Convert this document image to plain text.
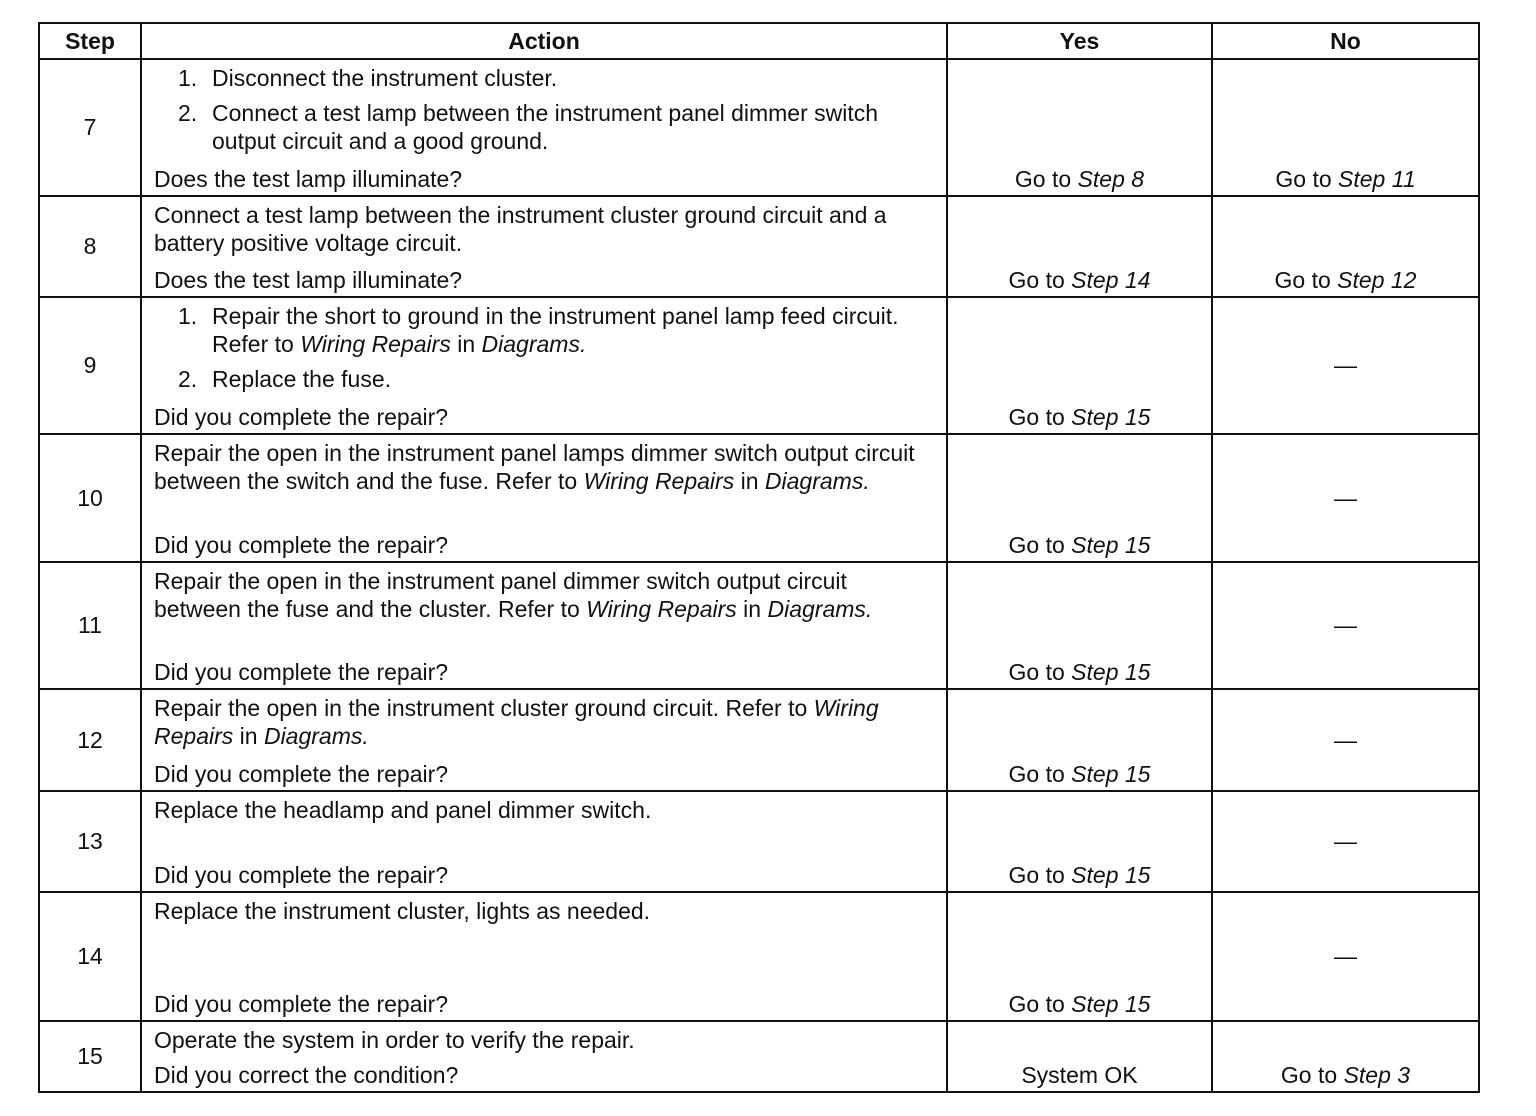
Step	Action	Yes	No
7	1. Disconnect the instrument cluster.
2. Connect a test lamp between the instrument panel dimmer switch output circuit and a good ground.
Does the test lamp illuminate?	Go to Step 8	Go to Step 11
8	Connect a test lamp between the instrument cluster ground circuit and a battery positive voltage circuit.
Does the test lamp illuminate?	Go to Step 14	Go to Step 12
9	1. Repair the short to ground in the instrument panel lamp feed circuit. Refer to Wiring Repairs in Diagrams.
2. Replace the fuse.
Did you complete the repair?	Go to Step 15	—
10	Repair the open in the instrument panel lamps dimmer switch output circuit between the switch and the fuse. Refer to Wiring Repairs in Diagrams.
Did you complete the repair?	Go to Step 15	—
11	Repair the open in the instrument panel dimmer switch output circuit between the fuse and the cluster. Refer to Wiring Repairs in Diagrams.
Did you complete the repair?	Go to Step 15	—
12	Repair the open in the instrument cluster ground circuit. Refer to Wiring Repairs in Diagrams.
Did you complete the repair?	Go to Step 15	—
13	Replace the headlamp and panel dimmer switch.
Did you complete the repair?	Go to Step 15	—
14	Replace the instrument cluster, lights as needed.
Did you complete the repair?	Go to Step 15	—
15	Operate the system in order to verify the repair.
Did you correct the condition?	System OK	Go to Step 3
